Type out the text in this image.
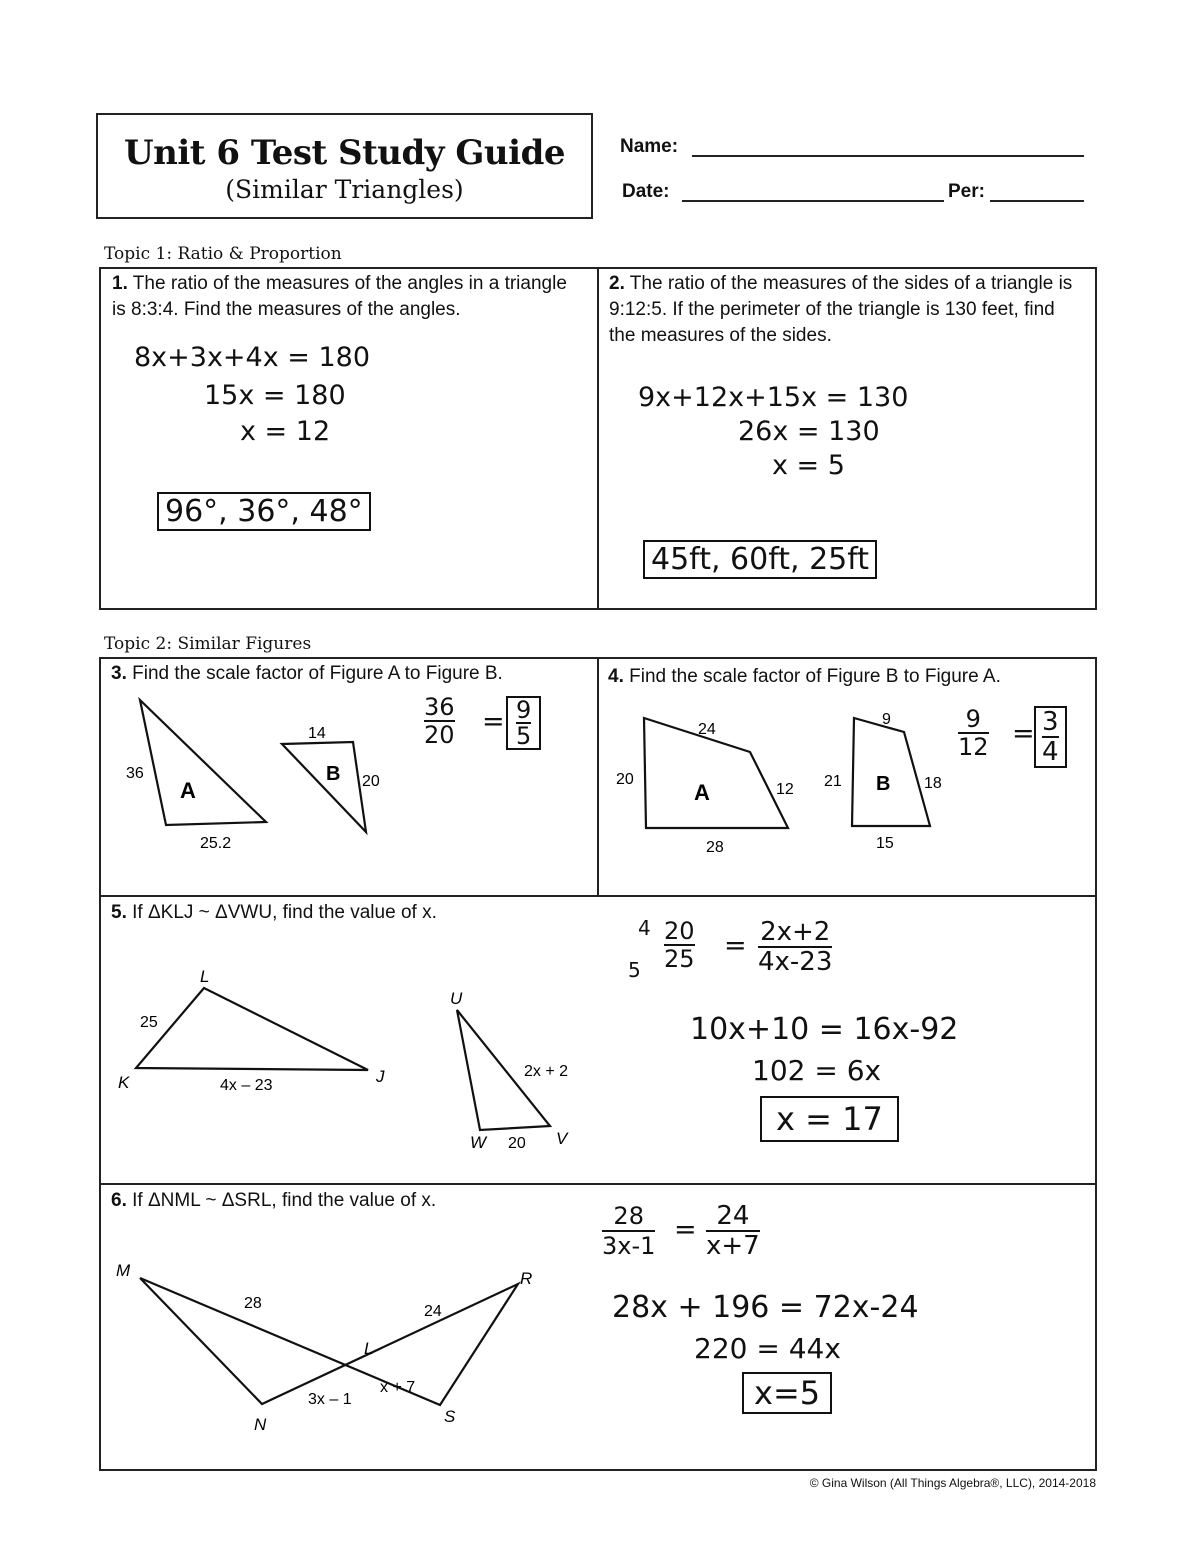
Unit 6 Test Study Guide
(Similar Triangles)
Name:
Date:	Per:
Topic 1: Ratio & Proportion
1. The ratio of the measures of the angles in a triangle is 8:3:4. Find the measures of the angles.
8x+3x+4x = 180
15x = 180
x = 12
96°, 36°, 48°
2. The ratio of the measures of the sides of a triangle is 9:12:5. If the perimeter of the triangle is 130 feet, find the measures of the sides.
9x+12x+15x = 130
26x = 130
x = 5
45ft, 60ft, 25ft
Topic 2: Similar Figures
3. Find the scale factor of Figure A to Figure B.
36
25.2
A
14
20
B
$\frac{36}{20} = \frac{9}{5}$
4. Find the scale factor of Figure B to Figure A.
24
20
12
28
A
9
21	18
15
B
$\frac{9}{12} = \frac{3}{4}$
5. If ΔKLJ ~ ΔVWU, find the value of x.
L
K	J
25
4x – 23
U
W	V
2x + 2
20
4
$5 \frac{20}{25} = \frac{2x+2}{4x-23}$
10x+10 = 16x-92
102 = 6x
x = 17
6. If ΔNML ~ ΔSRL, find the value of x.
M	R
L
N	S
28	24
3x – 1
x + 7
$\frac{28}{3x-1} = \frac{24}{x+7}$
28x + 196 = 72x-24
220 = 44x
x=5
© Gina Wilson (All Things Algebra®, LLC), 2014-2018
